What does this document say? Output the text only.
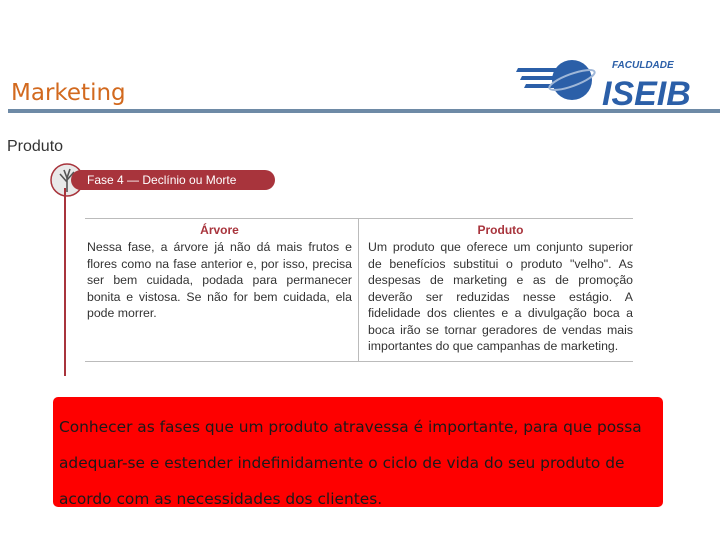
Marketing
FACULDADE
ISEIB
Produto
Fase 4 — Declínio ou Morte
Árvore
Nessa fase, a árvore já não dá mais frutos e flores como na fase anterior e, por isso, precisa ser bem cuidada, podada para permanecer bonita e vistosa. Se não for bem cuidada, ela pode morrer.
Produto
Um produto que oferece um conjunto superior de benefícios substitui o produto "velho". As despesas de marketing e as de promoção deverão ser reduzidas nesse estágio. A fidelidade dos clientes e a divulgação boca a boca irão se tornar geradores de vendas mais importantes do que campanhas de marketing.

Conhecer as fases que um produto atravessa é importante, para que possa adequar-se e estender indefinidamente o ciclo de vida do seu produto de acordo com as necessidades dos clientes.
